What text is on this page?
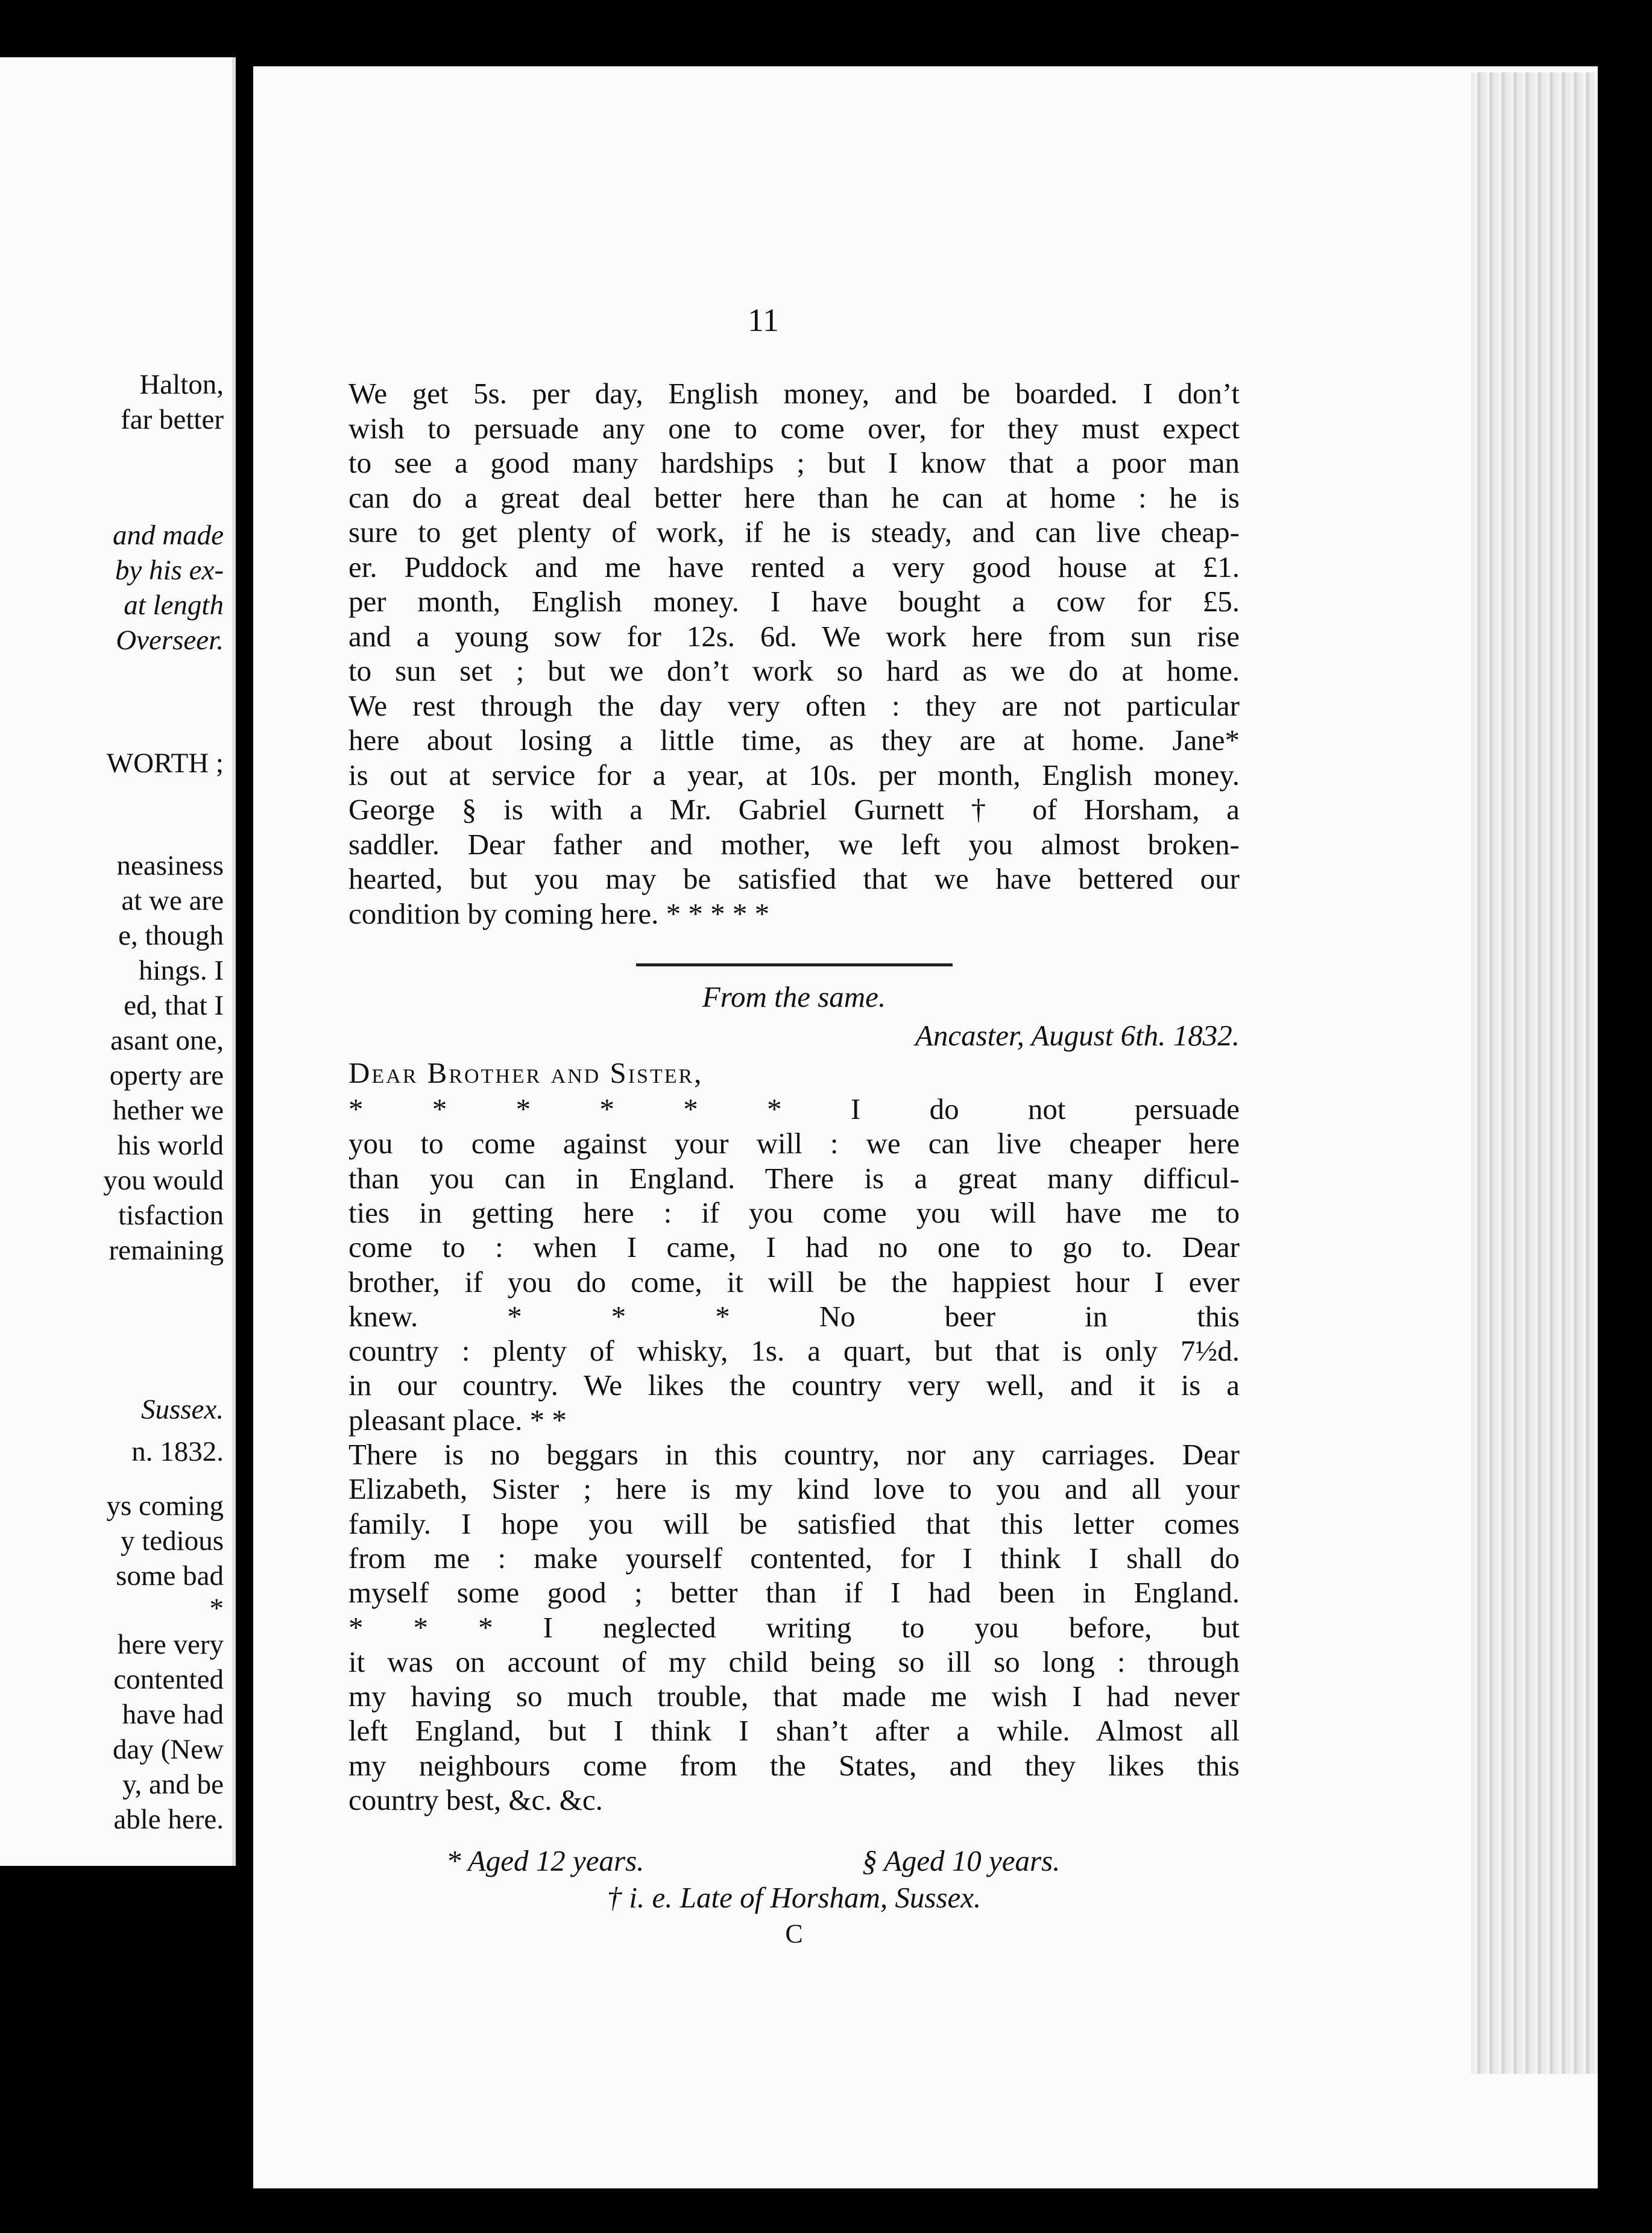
Halton,
far better
and made
by his ex-
at length
Overseer.
WORTH ;
neasiness
at we are
e, though
hings. I
ed, that I
asant one,
operty are
hether we
his world
you would
tisfaction
remaining
Sussex.
n. 1832.
ys coming
y tedious
some bad
*
here very
contented
have had
day (New
y, and be
able here.
11
We get 5s. per day, English money, and be boarded. I don’t
wish to persuade any one to come over, for they must expect
to see a good many hardships ; but I know that a poor man
can do a great deal better here than he can at home : he is
sure to get plenty of work, if he is steady, and can live cheap-
er. Puddock and me have rented a very good house at £1.
per month, English money. I have bought a cow for £5.
and a young sow for 12s. 6d. We work here from sun rise
to sun set ; but we don’t work so hard as we do at home.
We rest through the day very often : they are not particular
here about losing a little time, as they are at home. Jane*
is out at service for a year, at 10s. per month, English money.
George § is with a Mr. Gabriel Gurnett † of Horsham, a
saddler. Dear father and mother, we left you almost broken-
hearted, but you may be satisfied that we have bettered our
condition by coming here. * * * * *
From the same.
Ancaster, August 6th. 1832.
Dear Brother and Sister,
* * * * * * I do not persuade
you to come against your will : we can live cheaper here
than you can in England. There is a great many difficul-
ties in getting here : if you come you will have me to
come to : when I came, I had no one to go to. Dear
brother, if you do come, it will be the happiest hour I ever
knew. * * * No beer in this
country : plenty of whisky, 1s. a quart, but that is only 7½d.
in our country. We likes the country very well, and it is a
pleasant place. * *
There is no beggars in this country, nor any carriages. Dear
Elizabeth, Sister ; here is my kind love to you and all your
family. I hope you will be satisfied that this letter comes
from me : make yourself contented, for I think I shall do
myself some good ; better than if I had been in England.
* * * I neglected writing to you before, but
it was on account of my child being so ill so long : through
my having so much trouble, that made me wish I had never
left England, but I think I shan’t after a while. Almost all
my neighbours come from the States, and they likes this
country best, &c. &c.
* Aged 12 years.	§ Aged 10 years.
† i. e. Late of Horsham, Sussex.
C
